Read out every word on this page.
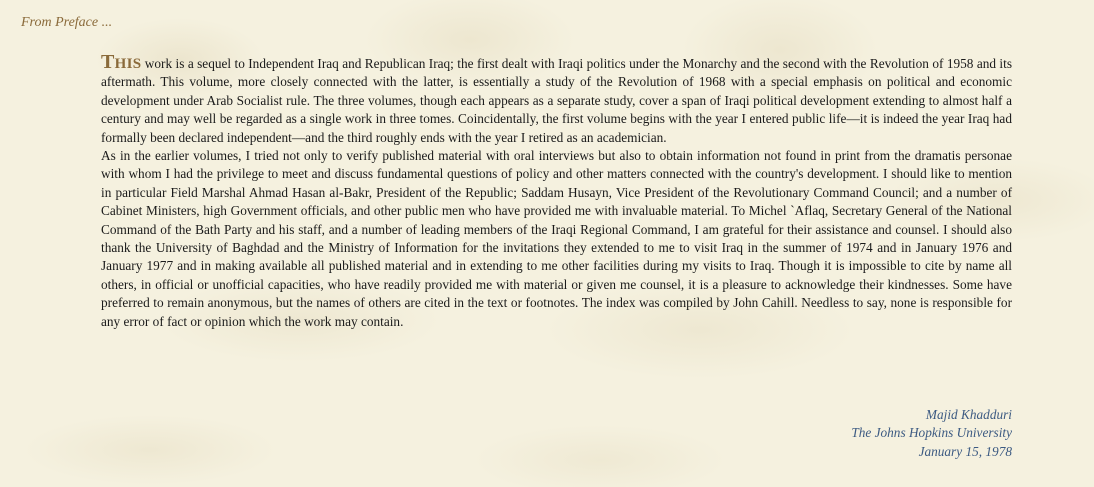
From Preface ...

THIS work is a sequel to Independent Iraq and Republican Iraq; the first dealt with Iraqi politics under the Monarchy and the second with the Revolution of 1958 and its aftermath. This volume, more closely connected with the latter, is essentially a study of the Revolution of 1968 with a special emphasis on political and economic development under Arab Socialist rule. The three volumes, though each appears as a separate study, cover a span of Iraqi political development extending to almost half a century and may well be regarded as a single work in three tomes. Coincidentally, the first volume begins with the year I entered public life—it is indeed the year Iraq had formally been declared independent—and the third roughly ends with the year I retired as an academician.

As in the earlier volumes, I tried not only to verify published material with oral interviews but also to obtain information not found in print from the dramatis personae with whom I had the privilege to meet and discuss fundamental questions of policy and other matters connected with the country's development. I should like to mention in particular Field Marshal Ahmad Hasan al-Bakr, President of the Republic; Saddam Husayn, Vice President of the Revolutionary Command Council; and a number of Cabinet Ministers, high Government officials, and other public men who have provided me with invaluable material. To Michel `Aflaq, Secretary General of the National Command of the Bath Party and his staff, and a number of leading members of the Iraqi Regional Command, I am grateful for their assistance and counsel. I should also thank the University of Baghdad and the Ministry of Information for the invitations they extended to me to visit Iraq in the summer of 1974 and in January 1976 and January 1977 and in making available all published material and in extending to me other facilities during my visits to Iraq. Though it is impossible to cite by name all others, in official or unofficial capacities, who have readily provided me with material or given me counsel, it is a pleasure to acknowledge their kindnesses. Some have preferred to remain anonymous, but the names of others are cited in the text or footnotes. The index was compiled by John Cahill. Needless to say, none is responsible for any error of fact or opinion which the work may contain.

Majid Khadduri
The Johns Hopkins University
January 15, 1978
